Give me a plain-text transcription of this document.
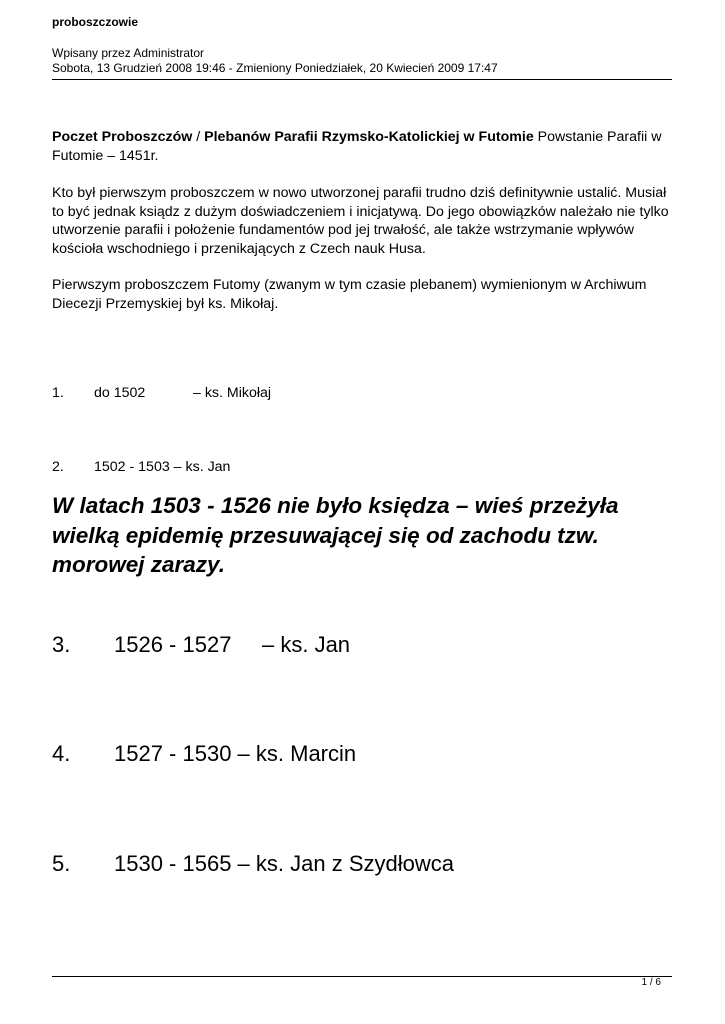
proboszczowie
Wpisany przez Administrator
Sobota, 13 Grudzień 2008 19:46 - Zmieniony Poniedziałek, 20 Kwiecień 2009 17:47
Poczet Proboszczów / Plebanów Parafii Rzymsko-Katolickiej w Futomie Powstanie Parafii w Futomie – 1451r.
Kto był pierwszym proboszczem w nowo utworzonej parafii trudno dziś definitywnie ustalić. Musiał to być jednak ksiądz z dużym doświadczeniem i inicjatywą. Do jego obowiązków należało nie tylko utworzenie parafii i położenie fundamentów pod jej trwałość, ale także wstrzymanie wpływów kościoła wschodniego i przenikających z Czech nauk Husa.
Pierwszym proboszczem Futomy (zwanym w tym czasie plebanem) wymienionym w Archiwum Diecezji Przemyskiej był ks. Mikołaj.
1. do 1502	– ks. Mikołaj
2. 1502 - 1503 – ks. Jan
W latach 1503 - 1526 nie było księdza – wieś przeżyła wielką epidemię przesuwającej się od zachodu tzw. morowej zarazy.
3. 1526 - 1527     – ks. Jan
4. 1527 - 1530 – ks. Marcin
5. 1530 - 1565 – ks. Jan z Szydłowca
1 / 6
